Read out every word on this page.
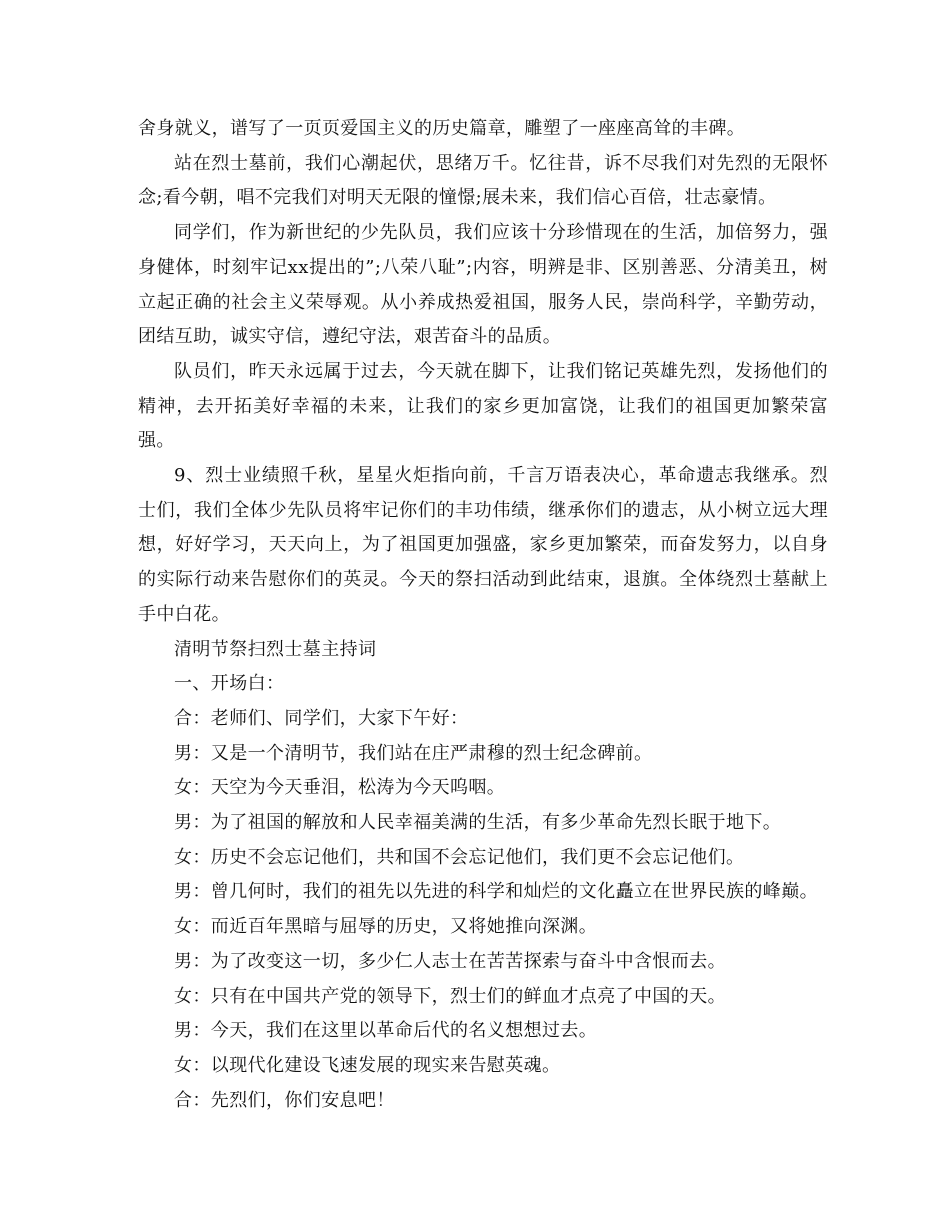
舍身就义，谱写了一页页爱国主义的历史篇章，雕塑了一座座高耸的丰碑。

站在烈士墓前，我们心潮起伏，思绪万千。忆往昔，诉不尽我们对先烈的无限怀念;看今朝，唱不完我们对明天无限的憧憬;展未来，我们信心百倍，壮志豪情。

同学们，作为新世纪的少先队员，我们应该十分珍惜现在的生活，加倍努力，强身健体，时刻牢记xx提出的”;八荣八耻”;内容，明辨是非、区别善恶、分清美丑，树立起正确的社会主义荣辱观。从小养成热爱祖国，服务人民，崇尚科学，辛勤劳动，团结互助，诚实守信，遵纪守法，艰苦奋斗的品质。

队员们，昨天永远属于过去，今天就在脚下，让我们铭记英雄先烈，发扬他们的精神，去开拓美好幸福的未来，让我们的家乡更加富饶，让我们的祖国更加繁荣富强。

9、烈士业绩照千秋，星星火炬指向前，千言万语表决心，革命遗志我继承。烈士们，我们全体少先队员将牢记你们的丰功伟绩，继承你们的遗志，从小树立远大理想，好好学习，天天向上，为了祖国更加强盛，家乡更加繁荣，而奋发努力，以自身的实际行动来告慰你们的英灵。今天的祭扫活动到此结束，退旗。全体绕烈士墓献上手中白花。

清明节祭扫烈士墓主持词

一、开场白：

合：老师们、同学们，大家下午好：

男：又是一个清明节，我们站在庄严肃穆的烈士纪念碑前。

女：天空为今天垂泪，松涛为今天呜咽。

男：为了祖国的解放和人民幸福美满的生活，有多少革命先烈长眠于地下。

女：历史不会忘记他们，共和国不会忘记他们，我们更不会忘记他们。

男：曾几何时，我们的祖先以先进的科学和灿烂的文化矗立在世界民族的峰巅。

女：而近百年黑暗与屈辱的历史，又将她推向深渊。

男：为了改变这一切，多少仁人志士在苦苦探索与奋斗中含恨而去。

女：只有在中国共产党的领导下，烈士们的鲜血才点亮了中国的天。

男：今天，我们在这里以革命后代的名义想想过去。

女：以现代化建设飞速发展的现实来告慰英魂。

合：先烈们，你们安息吧！
